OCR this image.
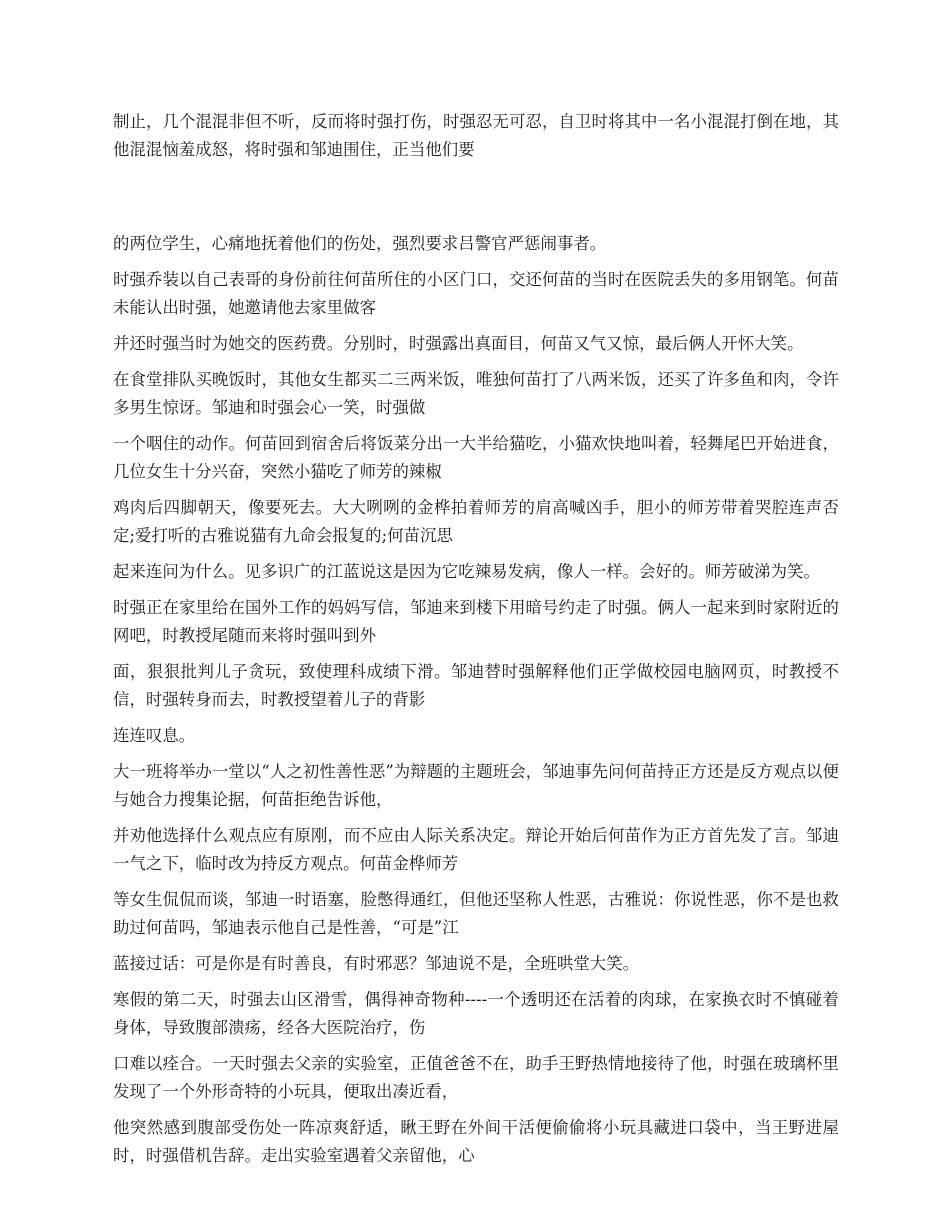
制止，几个混混非但不听，反而将时强打伤，时强忍无可忍，自卫时将其中一名小混混打倒在地，其他混混恼羞成怒，将时强和邹迪围住，正当他们要

的两位学生，心痛地抚着他们的伤处，强烈要求吕警官严惩闹事者。

时强乔装以自己表哥的身份前往何苗所住的小区门口，交还何苗的当时在医院丢失的多用钢笔。何苗未能认出时强，她邀请他去家里做客

并还时强当时为她交的医药费。分别时，时强露出真面目，何苗又气又惊，最后俩人开怀大笑。

在食堂排队买晚饭时，其他女生都买二三两米饭，唯独何苗打了八两米饭，还买了许多鱼和肉，令许多男生惊讶。邹迪和时强会心一笑，时强做

一个咽住的动作。何苗回到宿舍后将饭菜分出一大半给猫吃，小猫欢快地叫着，轻舞尾巴开始进食，几位女生十分兴奋，突然小猫吃了师芳的辣椒

鸡肉后四脚朝天，像要死去。大大咧咧的金桦拍着师芳的肩高喊凶手，胆小的师芳带着哭腔连声否定;爱打听的古雅说猫有九命会报复的;何苗沉思

起来连问为什么。见多识广的江蓝说这是因为它吃辣易发病，像人一样。会好的。师芳破涕为笑。

时强正在家里给在国外工作的妈妈写信，邹迪来到楼下用暗号约走了时强。俩人一起来到时家附近的网吧，时教授尾随而来将时强叫到外

面，狠狠批判儿子贪玩，致使理科成绩下滑。邹迪替时强解释他们正学做校园电脑网页，时教授不信，时强转身而去，时教授望着儿子的背影

连连叹息。

大一班将举办一堂以“人之初性善性恶”为辩题的主题班会，邹迪事先问何苗持正方还是反方观点以便与她合力搜集论据，何苗拒绝告诉他，

并劝他选择什么观点应有原刚，而不应由人际关系决定。辩论开始后何苗作为正方首先发了言。邹迪一气之下，临时改为持反方观点。何苗金桦师芳

等女生侃侃而谈，邹迪一时语塞，脸憋得通红，但他还坚称人性恶，古雅说：你说性恶，你不是也救助过何苗吗，邹迪表示他自己是性善，“可是”江

蓝接过话：可是你是有时善良，有时邪恶？邹迪说不是，全班哄堂大笑。

寒假的第二天，时强去山区滑雪，偶得神奇物种----一个透明还在活着的肉球，在家换衣时不慎碰着身体，导致腹部溃疡，经各大医院治疗，伤

口难以痊合。一天时强去父亲的实验室，正值爸爸不在，助手王野热情地接待了他，时强在玻璃杯里发现了一个外形奇特的小玩具，便取出凑近看，

他突然感到腹部受伤处一阵凉爽舒适，瞅王野在外间干活便偷偷将小玩具藏进口袋中，当王野进屋时，时强借机告辞。走出实验室遇着父亲留他，心
